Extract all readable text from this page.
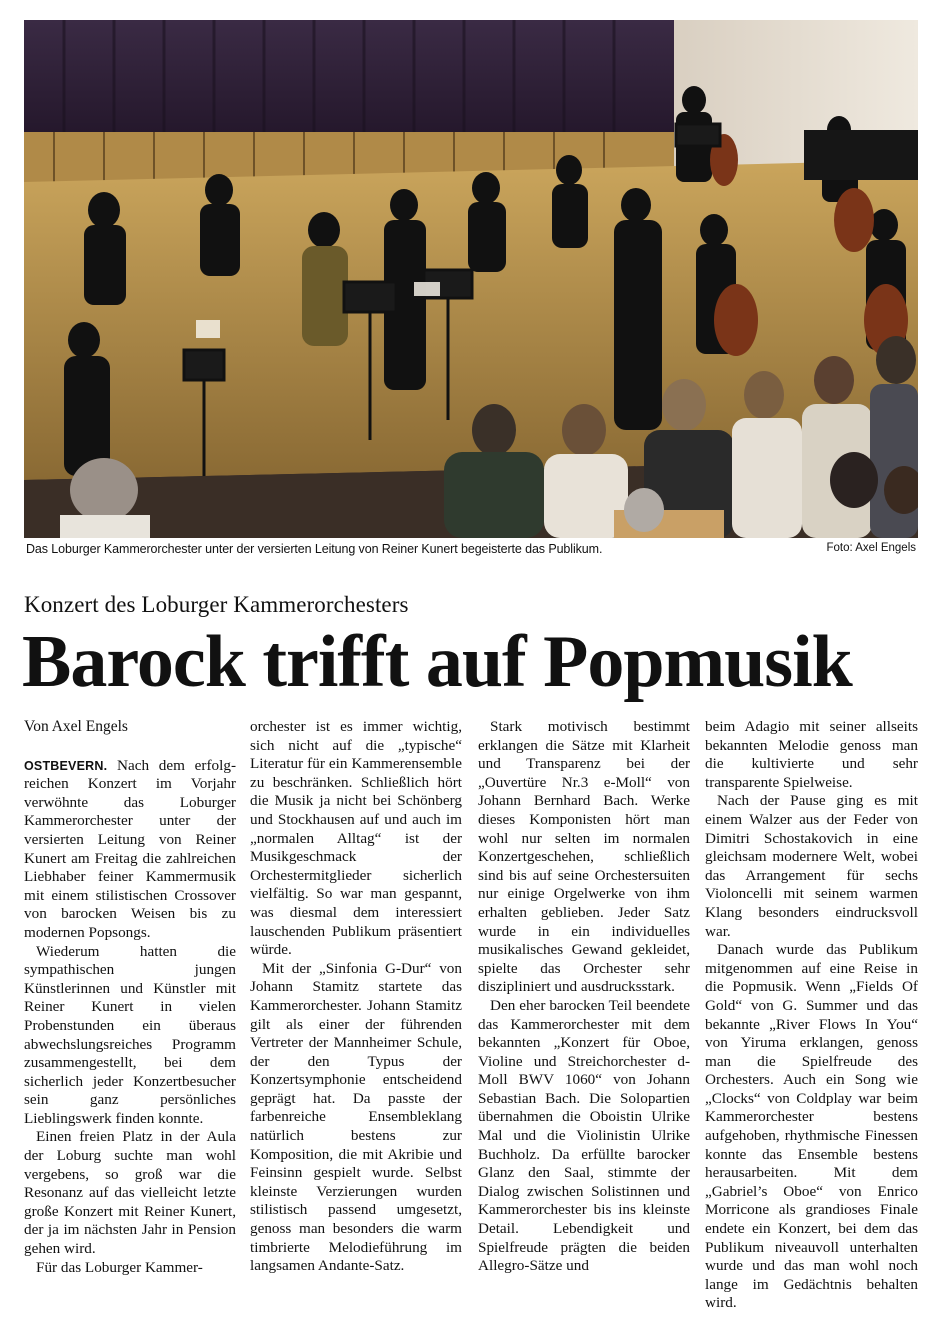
Das Loburger Kammerorchester unter der versierten Leitung von Reiner Kunert begeisterte das Publikum.	Foto: Axel Engels
Konzert des Loburger Kammerorchesters
Barock trifft auf Popmusik

Von Axel Engels

OSTBEVERN. Nach dem erfolgreichen Konzert im Vorjahr verwöhnte das Loburger Kammerorchester unter der versierten Leitung von Reiner Kunert am Freitag die zahlreichen Liebhaber feiner Kammermusik mit einem stilistischen Crossover von barocken Weisen bis zu modernen Popsongs.

Wiederum hatten die sympathischen jungen Künstlerinnen und Künstler mit Reiner Kunert in vielen Probenstunden ein überaus abwechslungsreiches Programm zusammengestellt, bei dem sicherlich jeder Konzertbesucher sein ganz persönliches Lieblingswerk finden konnte.

Einen freien Platz in der Aula der Loburg suchte man wohl vergebens, so groß war die Resonanz auf das vielleicht letzte große Konzert mit Reiner Kunert, der ja im nächsten Jahr in Pension gehen wird.

Für das Loburger Kammer-

orchester ist es immer wichtig, sich nicht auf die „typische“ Literatur für ein Kammerensemble zu beschränken. Schließlich hört die Musik ja nicht bei Schönberg und Stockhausen auf und auch im „normalen Alltag“ ist der Musikgeschmack der Orchestermitglieder sicherlich vielfältig. So war man gespannt, was diesmal dem interessiert lauschenden Publikum präsentiert würde.

Mit der „Sinfonia G-Dur“ von Johann Stamitz startete das Kammerorchester. Johann Stamitz gilt als einer der führenden Vertreter der Mannheimer Schule, der den Typus der Konzertsymphonie entscheidend geprägt hat. Da passte der farbenreiche Ensembleklang natürlich bestens zur Komposition, die mit Akribie und Feinsinn gespielt wurde. Selbst kleinste Verzierungen wurden stilistisch passend umgesetzt, genoss man besonders die warm timbrierte Melodieführung im langsamen Andante-Satz.

Stark motivisch bestimmt erklangen die Sätze mit Klarheit und Transparenz bei der „Ouvertüre Nr.3 e-Moll“ von Johann Bernhard Bach. Werke dieses Komponisten hört man wohl nur selten im normalen Konzertgeschehen, schließlich sind bis auf seine Orchestersuiten nur einige Orgelwerke von ihm erhalten geblieben. Jeder Satz wurde in ein individuelles musikalisches Gewand gekleidet, spielte das Orchester sehr diszipliniert und ausdrucksstark.

Den eher barocken Teil beendete das Kammerorchester mit dem bekannten „Konzert für Oboe, Violine und Streichorchester d-Moll BWV 1060“ von Johann Sebastian Bach. Die Solopartien übernahmen die Oboistin Ulrike Mal und die Violinistin Ulrike Buchholz. Da erfüllte barocker Glanz den Saal, stimmte der Dialog zwischen Solistinnen und Kammerorchester bis ins kleinste Detail. Lebendigkeit und Spielfreude prägten die beiden Allegro-Sätze und

beim Adagio mit seiner allseits bekannten Melodie genoss man die kultivierte und sehr transparente Spielweise.

Nach der Pause ging es mit einem Walzer aus der Feder von Dimitri Schostakovich in eine gleichsam modernere Welt, wobei das Arrangement für sechs Violoncelli mit seinem warmen Klang besonders eindrucksvoll war.

Danach wurde das Publikum mitgenommen auf eine Reise in die Popmusik. Wenn „Fields Of Gold“ von G. Summer und das bekannte „River Flows In You“ von Yiruma erklangen, genoss man die Spielfreude des Orchesters. Auch ein Song wie „Clocks“ von Coldplay war beim Kammerorchester bestens aufgehoben, rhythmische Finessen konnte das Ensemble bestens herausarbeiten. Mit dem „Gabriel’s Oboe“ von Enrico Morricone als grandioses Finale endete ein Konzert, bei dem das Publikum niveauvoll unterhalten wurde und das man wohl noch lange im Gedächtnis behalten wird.
